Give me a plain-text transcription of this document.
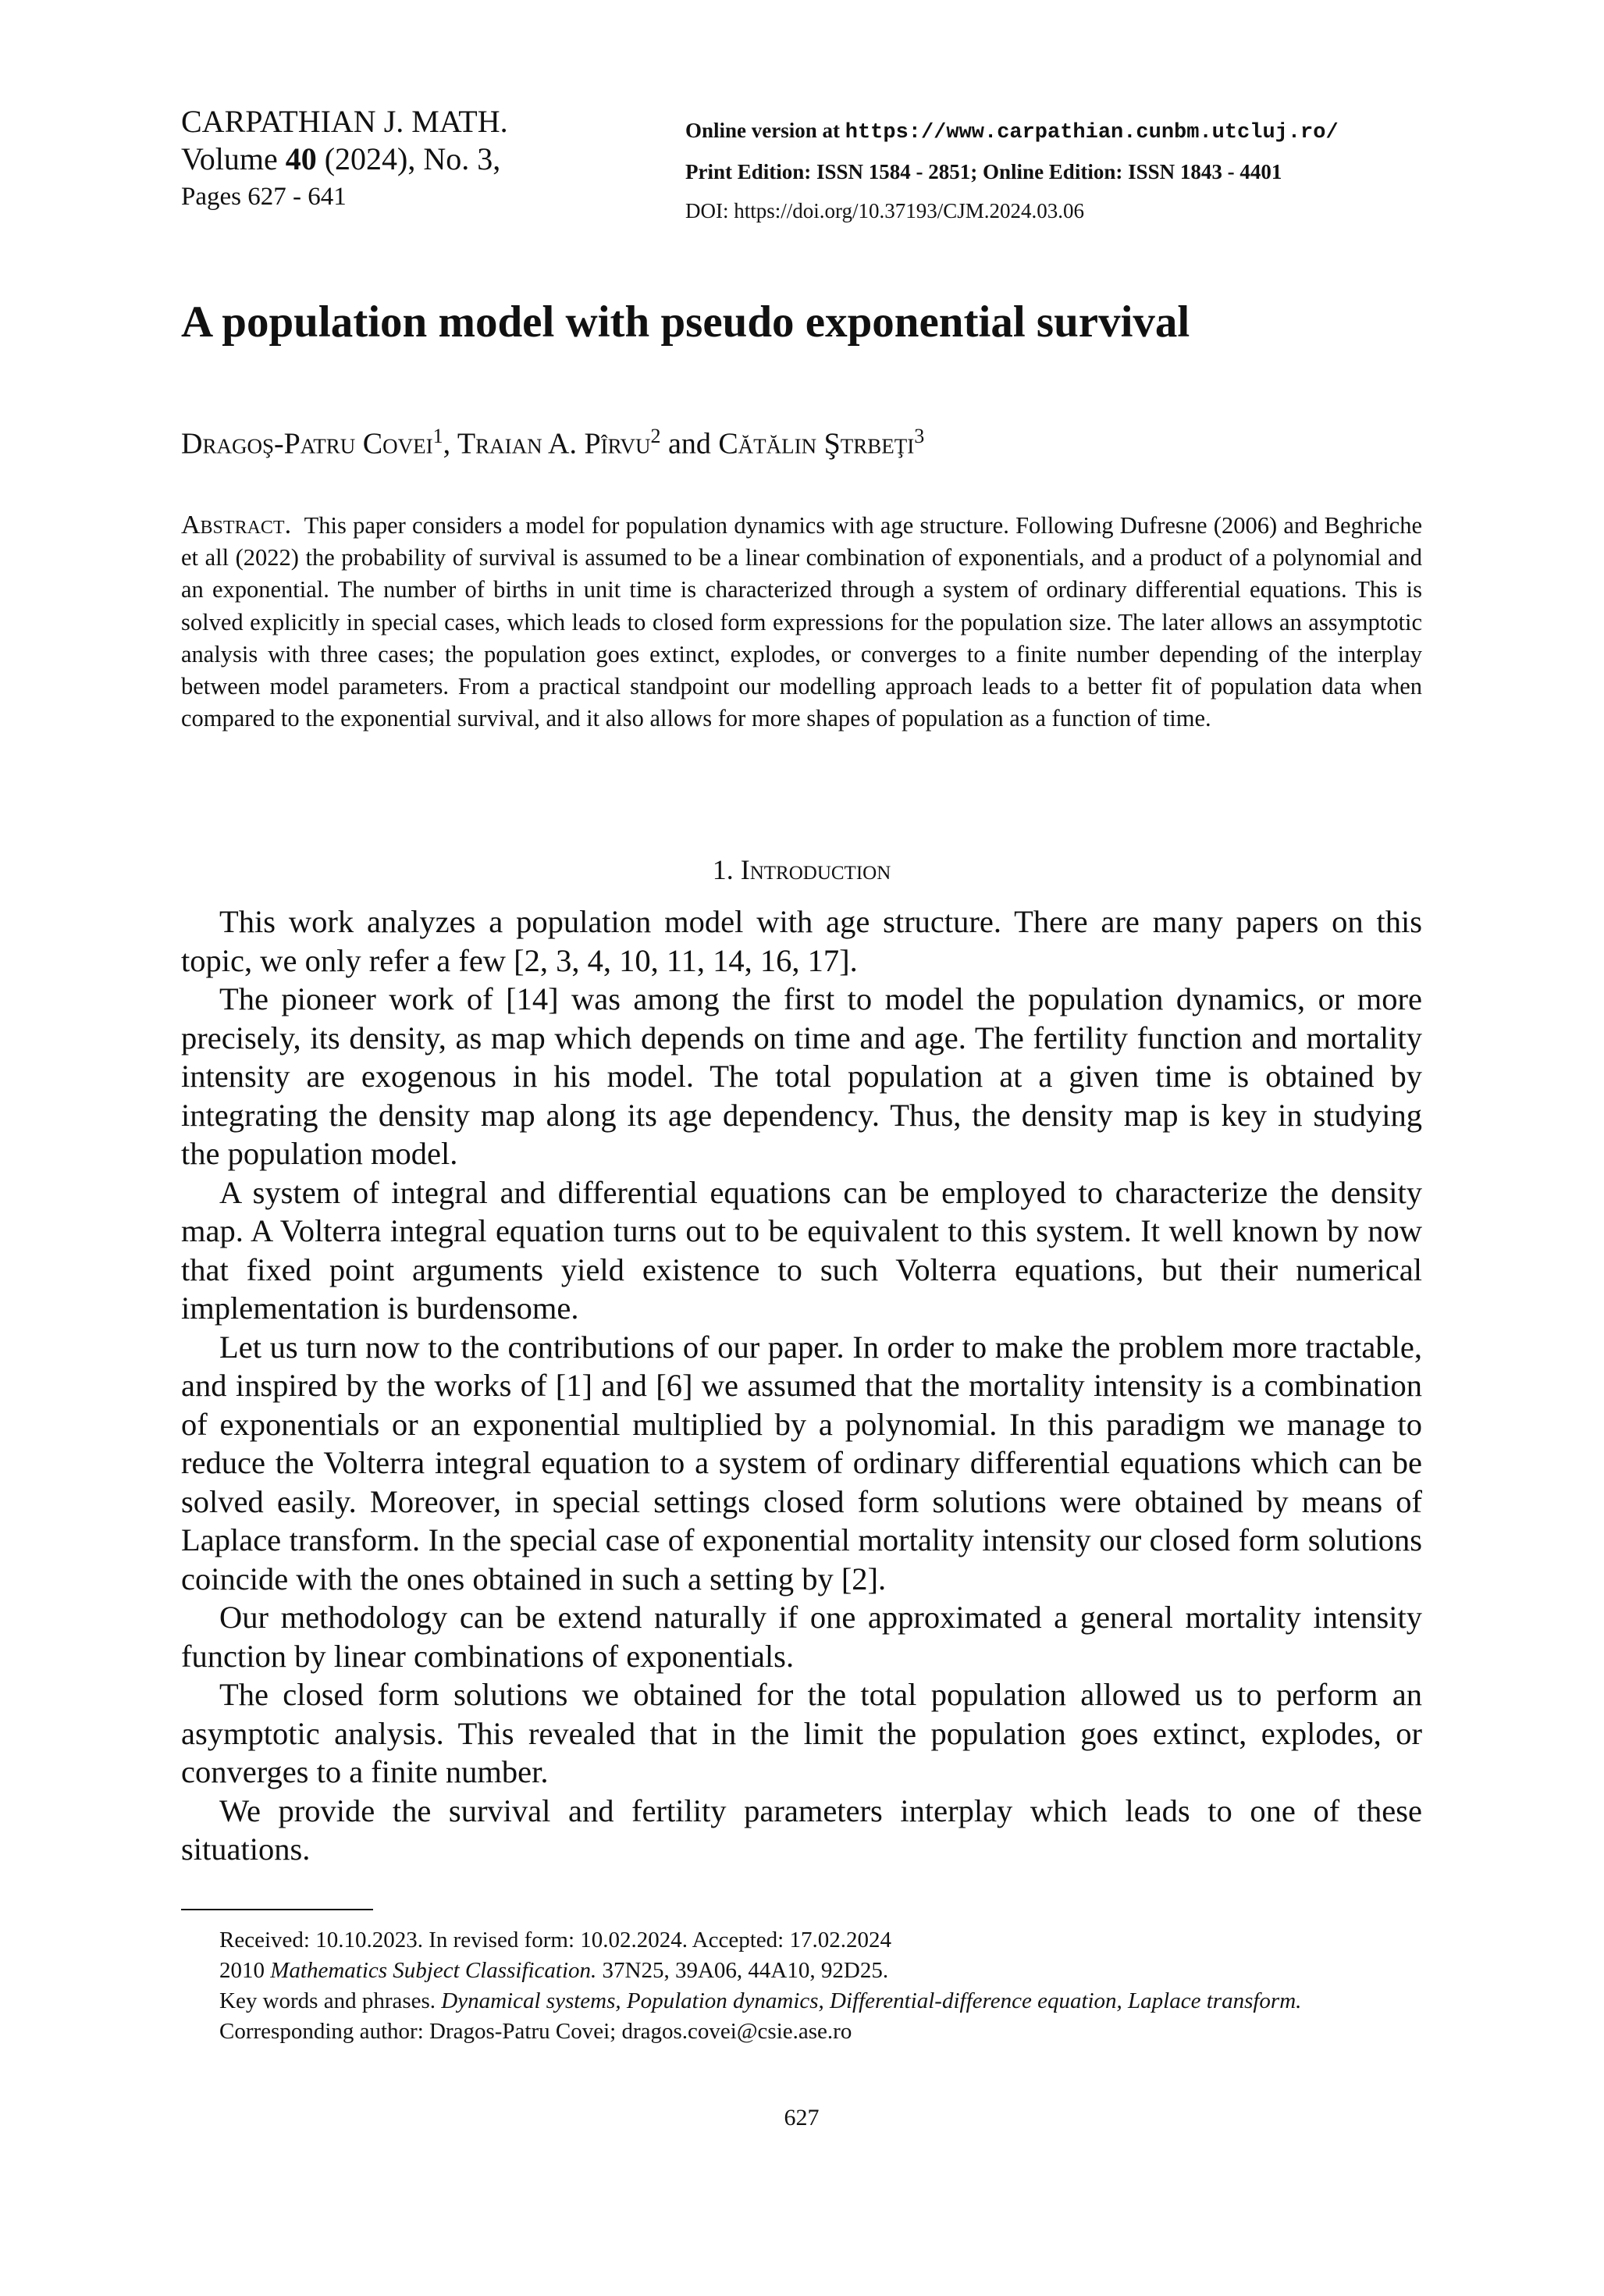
CARPATHIAN J. MATH.
Volume 40 (2024), No. 3,
Pages 627 - 641
Online version at https://www.carpathian.cunbm.utcluj.ro/
Print Edition: ISSN 1584 - 2851; Online Edition: ISSN 1843 - 4401
DOI: https://doi.org/10.37193/CJM.2024.03.06
A population model with pseudo exponential survival
Dragoş-Patru Covei$^1$, Traian A. Pîrvu$^2$ and Cătălin Ştrbeţi$^3$
Abstract. This paper considers a model for population dynamics with age structure. Following Dufresne (2006) and Beghriche et all (2022) the probability of survival is assumed to be a linear combination of exponentials, and a product of a polynomial and an exponential. The number of births in unit time is characterized through a system of ordinary differential equations. This is solved explicitly in special cases, which leads to closed form expressions for the population size. The later allows an assymptotic analysis with three cases; the population goes extinct, explodes, or converges to a finite number depending of the interplay between model parameters. From a practical standpoint our modelling approach leads to a better fit of population data when compared to the exponential survival, and it also allows for more shapes of population as a function of time.
1. Introduction

This work analyzes a population model with age structure. There are many papers on this topic, we only refer a few [2, 3, 4, 10, 11, 14, 16, 17].

The pioneer work of [14] was among the first to model the population dynamics, or more precisely, its density, as map which depends on time and age. The fertility function and mortality intensity are exogenous in his model. The total population at a given time is obtained by integrating the density map along its age dependency. Thus, the density map is key in studying the population model.

A system of integral and differential equations can be employed to characterize the density map. A Volterra integral equation turns out to be equivalent to this system. It well known by now that fixed point arguments yield existence to such Volterra equations, but their numerical implementation is burdensome.

Let us turn now to the contributions of our paper. In order to make the problem more tractable, and inspired by the works of [1] and [6] we assumed that the mortality intensity is a combination of exponentials or an exponential multiplied by a polynomial. In this paradigm we manage to reduce the Volterra integral equation to a system of ordinary differential equations which can be solved easily. Moreover, in special settings closed form solutions were obtained by means of Laplace transform. In the special case of exponential mortality intensity our closed form solutions coincide with the ones obtained in such a setting by [2].

Our methodology can be extend naturally if one approximated a general mortality intensity function by linear combinations of exponentials.

The closed form solutions we obtained for the total population allowed us to perform an asymptotic analysis. This revealed that in the limit the population goes extinct, explodes, or converges to a finite number.

We provide the survival and fertility parameters interplay which leads to one of these situations.

Received: 10.10.2023. In revised form: 10.02.2024. Accepted: 17.02.2024

2010 Mathematics Subject Classification. 37N25, 39A06, 44A10, 92D25.

Key words and phrases. Dynamical systems, Population dynamics, Differential-difference equation, Laplace transform.

Corresponding author: Dragos-Patru Covei; dragos.covei@csie.ase.ro

627
